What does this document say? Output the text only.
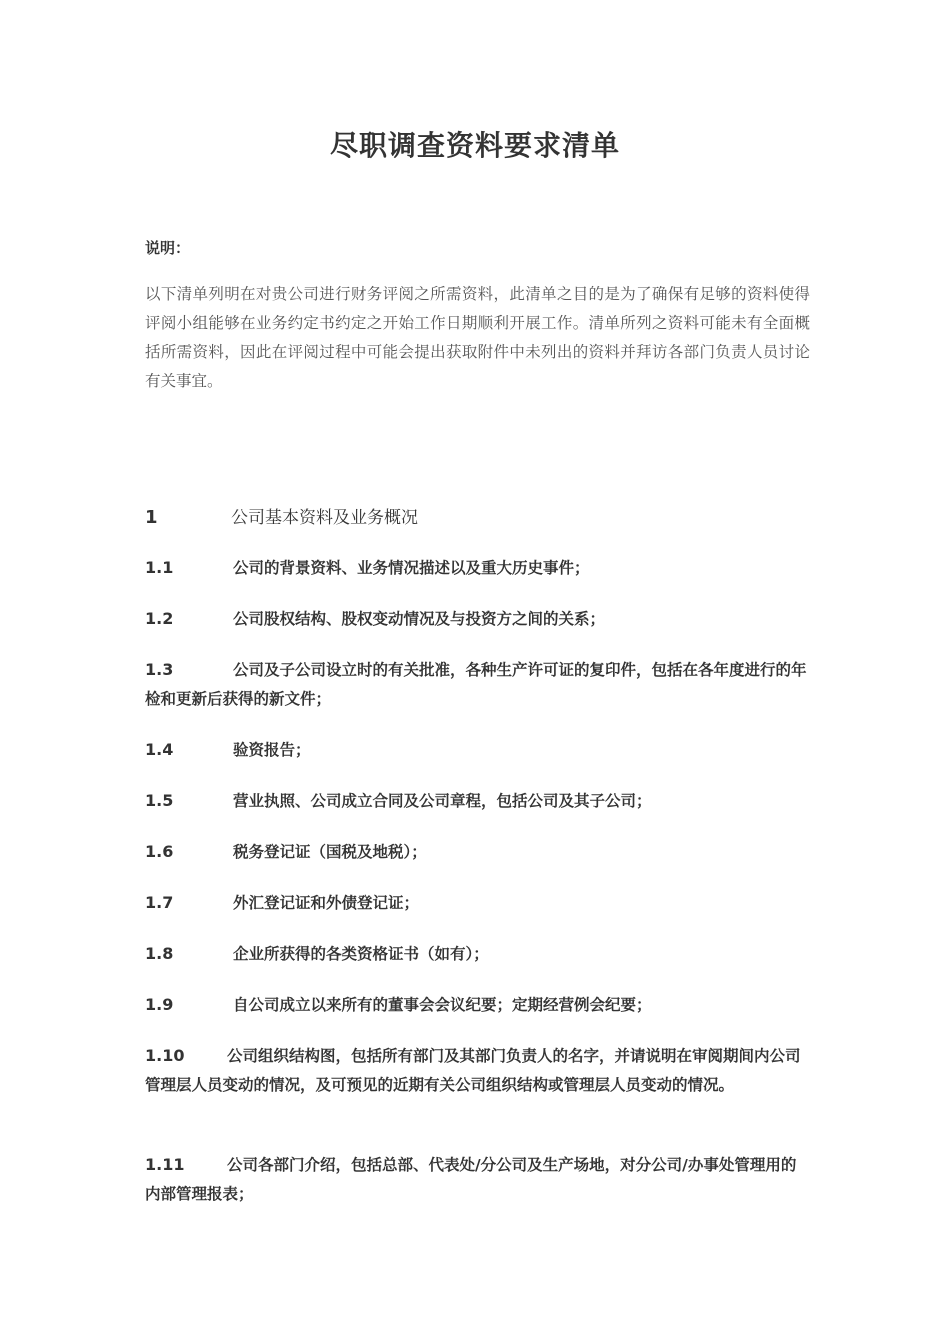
尽职调查资料要求清单
说明：
以下清单列明在对贵公司进行财务评阅之所需资料，此清单之目的是为了确保有足够的资料使得评阅小组能够在业务约定书约定之开始工作日期顺利开展工作。清单所列之资料可能未有全面概括所需资料，因此在评阅过程中可能会提出获取附件中未列出的资料并拜访各部门负责人员讨论有关事宜。
1	公司基本资料及业务概况
1.1	公司的背景资料、业务情况描述以及重大历史事件；
1.2	公司股权结构、股权变动情况及与投资方之间的关系；
1.3	公司及子公司设立时的有关批准，各种生产许可证的复印件，包括在各年度进行的年检和更新后获得的新文件；
1.4	验资报告；
1.5	营业执照、公司成立合同及公司章程，包括公司及其子公司；
1.6	税务登记证（国税及地税）；
1.7	外汇登记证和外债登记证；
1.8	企业所获得的各类资格证书（如有）；
1.9	自公司成立以来所有的董事会会议纪要；定期经营例会纪要；
1.10	公司组织结构图，包括所有部门及其部门负责人的名字，并请说明在审阅期间内公司管理层人员变动的情况，及可预见的近期有关公司组织结构或管理层人员变动的情况。
1.11	公司各部门介绍，包括总部、代表处/分公司及生产场地，对分公司/办事处管理用的内部管理报表；
